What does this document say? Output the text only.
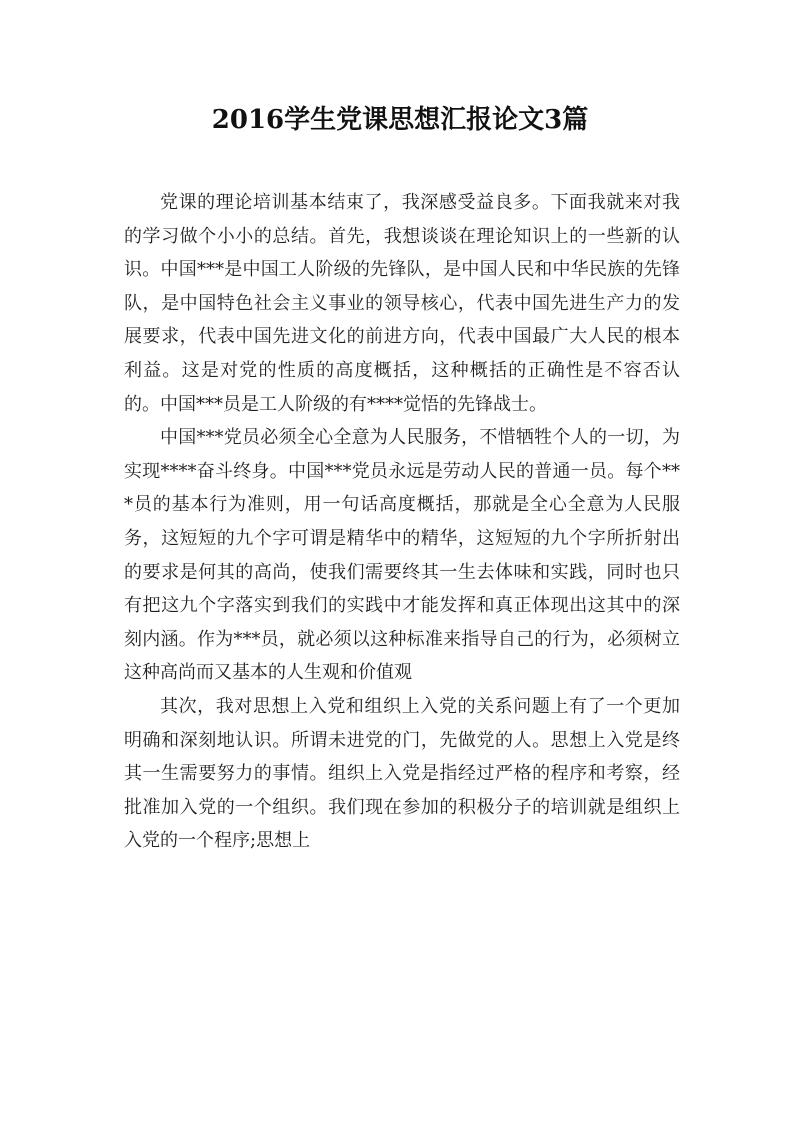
2016学生党课思想汇报论文3篇

党课的理论培训基本结束了，我深感受益良多。下面我就来对我的学习做个小小的总结。首先，我想谈谈在理论知识上的一些新的认识。中国***是中国工人阶级的先锋队，是中国人民和中华民族的先锋队，是中国特色社会主义事业的领导核心，代表中国先进生产力的发展要求，代表中国先进文化的前进方向，代表中国最广大人民的根本利益。这是对党的性质的高度概括，这种概括的正确性是不容否认的。中国***员是工人阶级的有****觉悟的先锋战士。

中国***党员必须全心全意为人民服务，不惜牺牲个人的一切，为实现****奋斗终身。中国***党员永远是劳动人民的普通一员。每个***员的基本行为准则，用一句话高度概括，那就是全心全意为人民服务，这短短的九个字可谓是精华中的精华，这短短的九个字所折射出的要求是何其的高尚，使我们需要终其一生去体味和实践，同时也只有把这九个字落实到我们的实践中才能发挥和真正体现出这其中的深刻内涵。作为***员，就必须以这种标准来指导自己的行为，必须树立这种高尚而又基本的人生观和价值观

其次，我对思想上入党和组织上入党的关系问题上有了一个更加明确和深刻地认识。所谓未进党的门，先做党的人。思想上入党是终其一生需要努力的事情。组织上入党是指经过严格的程序和考察，经批准加入党的一个组织。我们现在参加的积极分子的培训就是组织上入党的一个程序;思想上
